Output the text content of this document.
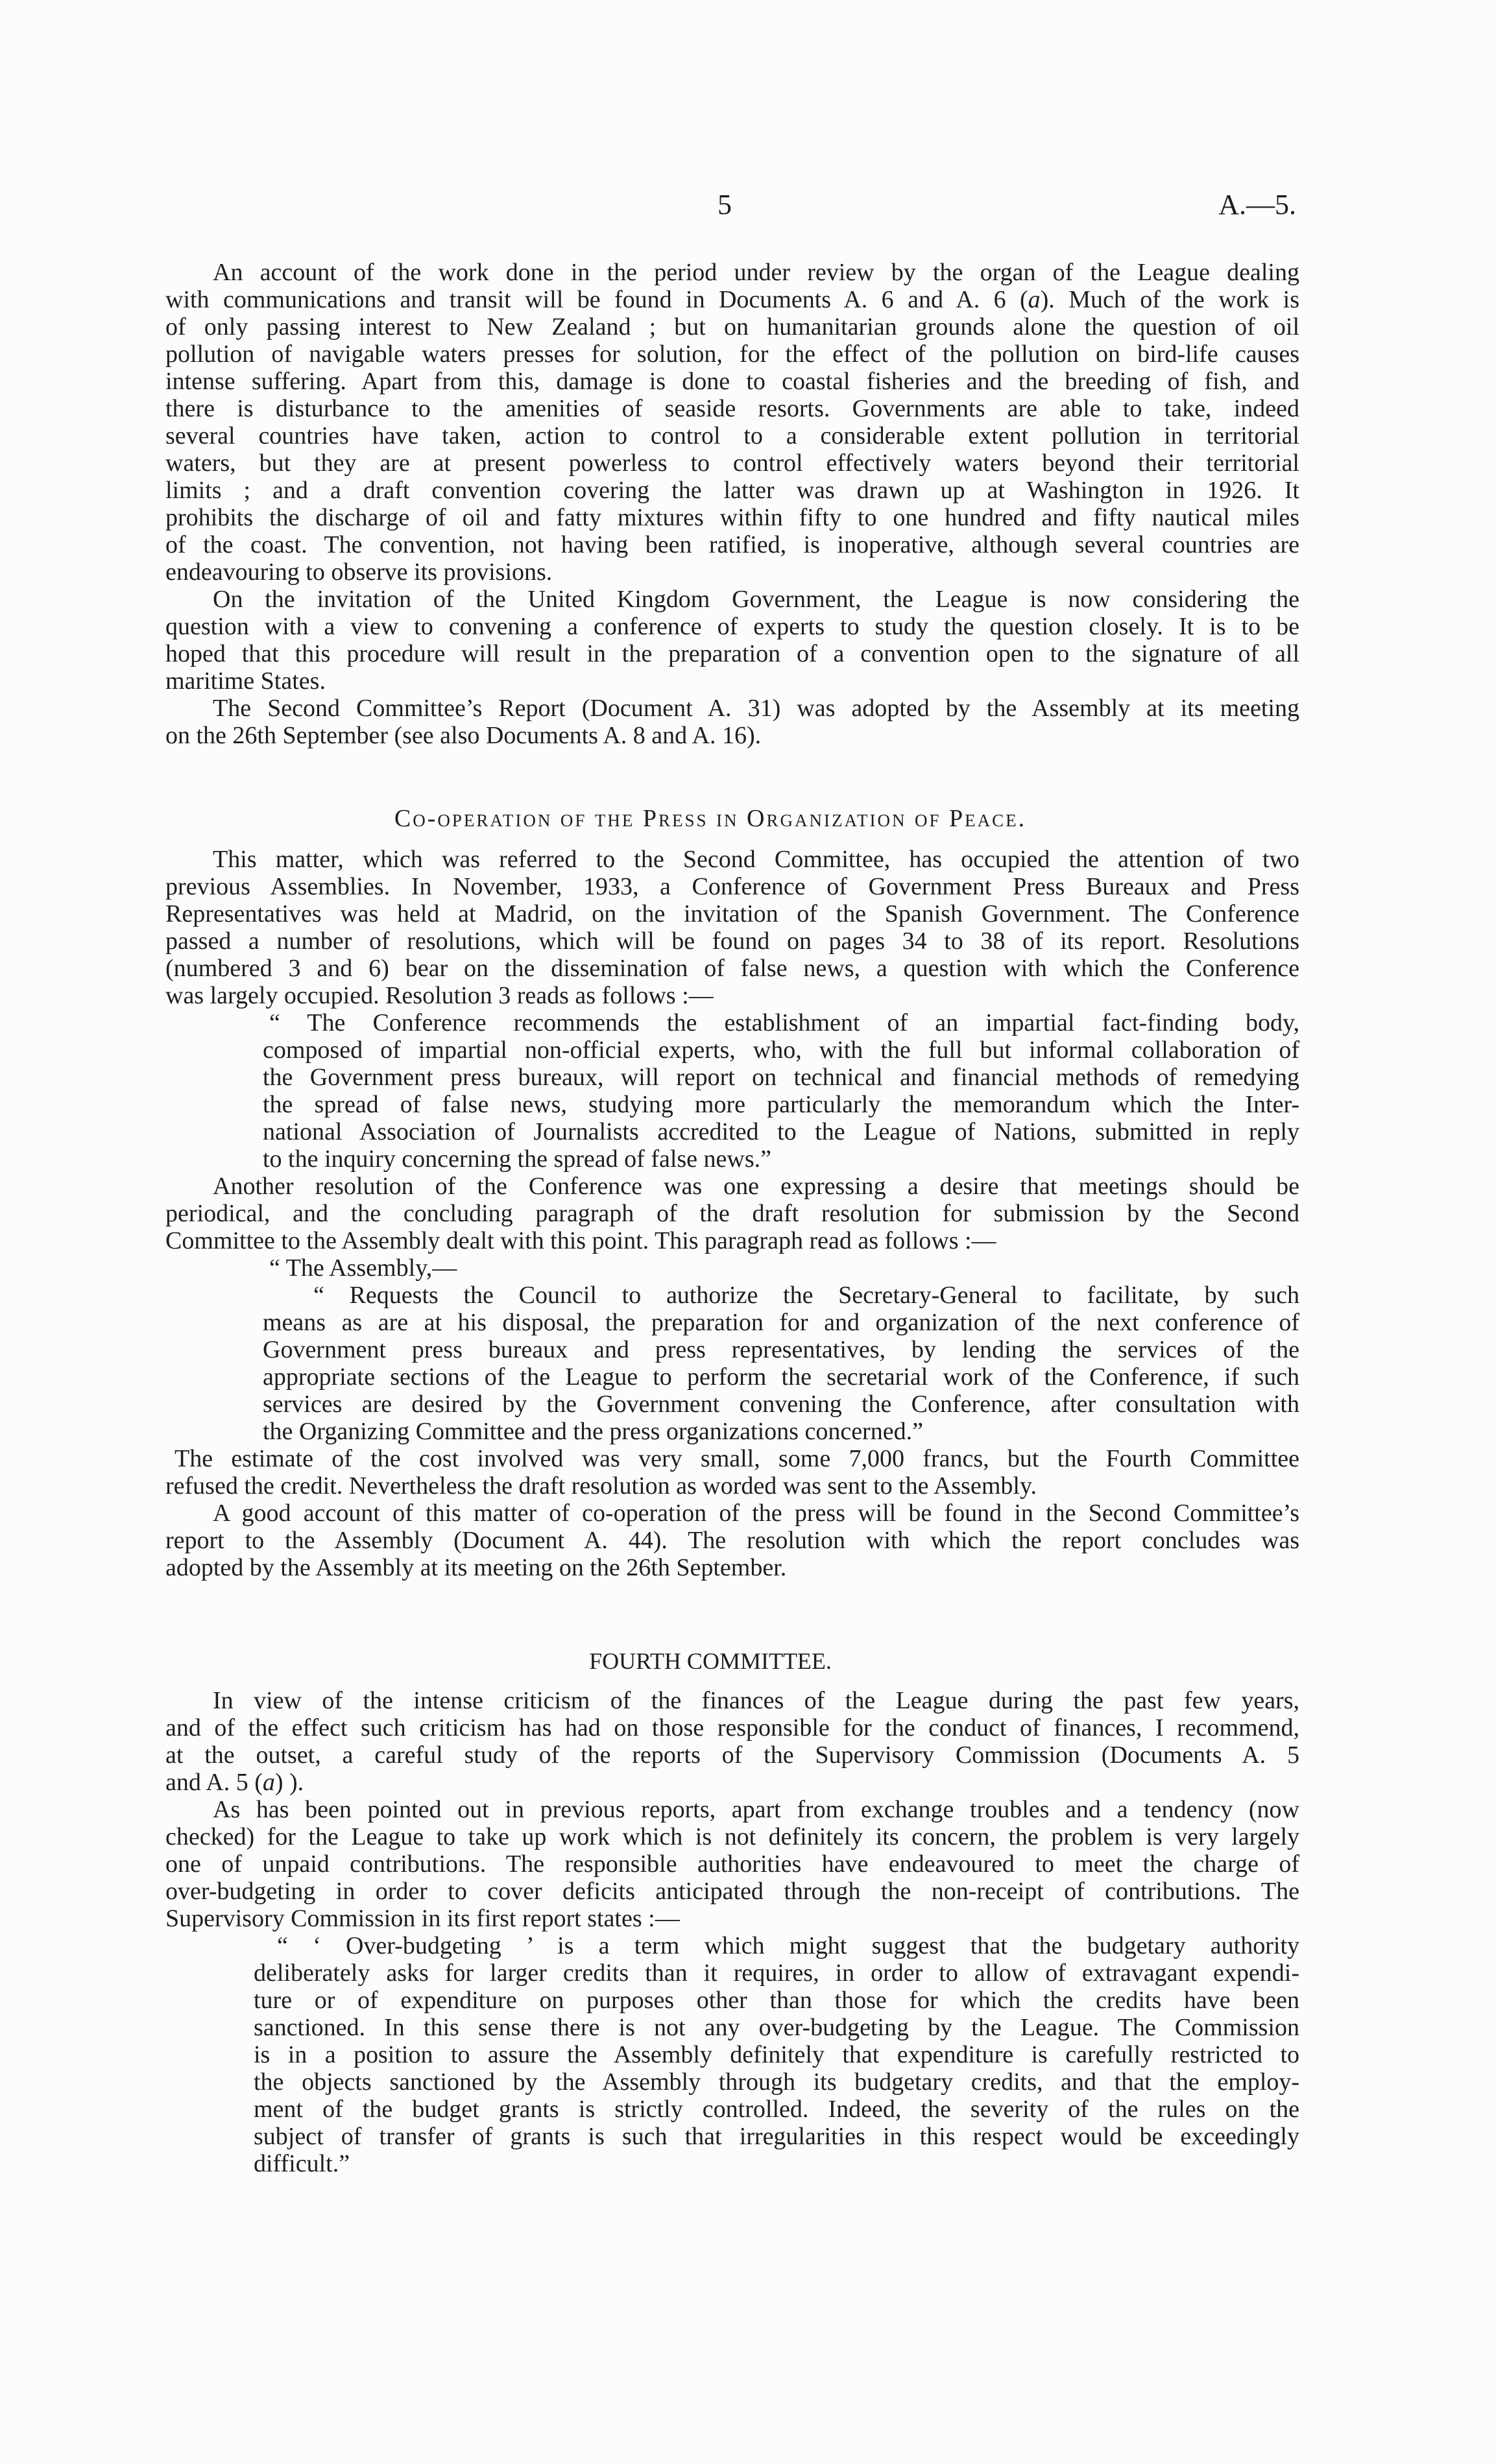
5	A.—5.
An account of the work done in the period under review by the organ of the League dealing
with communications and transit will be found in Documents A. 6 and A. 6 (a). Much of the work is
of only passing interest to New Zealand ; but on humanitarian grounds alone the question of oil
pollution of navigable waters presses for solution, for the effect of the pollution on bird-life causes
intense suffering. Apart from this, damage is done to coastal fisheries and the breeding of fish, and
there is disturbance to the amenities of seaside resorts. Governments are able to take, indeed
several countries have taken, action to control to a considerable extent pollution in territorial
waters, but they are at present powerless to control effectively waters beyond their territorial
limits ; and a draft convention covering the latter was drawn up at Washington in 1926. It
prohibits the discharge of oil and fatty mixtures within fifty to one hundred and fifty nautical miles
of the coast. The convention, not having been ratified, is inoperative, although several countries are
endeavouring to observe its provisions.
On the invitation of the United Kingdom Government, the League is now considering the
question with a view to convening a conference of experts to study the question closely. It is to be
hoped that this procedure will result in the preparation of a convention open to the signature of all
maritime States.
The Second Committee’s Report (Document A. 31) was adopted by the Assembly at its meeting
on the 26th September (see also Documents A. 8 and A. 16).
Co-operation of the Press in Organization of Peace.
This matter, which was referred to the Second Committee, has occupied the attention of two
previous Assemblies. In November, 1933, a Conference of Government Press Bureaux and Press
Representatives was held at Madrid, on the invitation of the Spanish Government. The Conference
passed a number of resolutions, which will be found on pages 34 to 38 of its report. Resolutions
(numbered 3 and 6) bear on the dissemination of false news, a question with which the Conference
was largely occupied. Resolution 3 reads as follows :—
“ The Conference recommends the establishment of an impartial fact-finding body,
composed of impartial non-official experts, who, with the full but informal collaboration of
the Government press bureaux, will report on technical and financial methods of remedying
the spread of false news, studying more particularly the memorandum which the Inter-
national Association of Journalists accredited to the League of Nations, submitted in reply
to the inquiry concerning the spread of false news.”
Another resolution of the Conference was one expressing a desire that meetings should be
periodical, and the concluding paragraph of the draft resolution for submission by the Second
Committee to the Assembly dealt with this point. This paragraph read as follows :—
“ The Assembly,—
“ Requests the Council to authorize the Secretary-General to facilitate, by such
means as are at his disposal, the preparation for and organization of the next conference of
Government press bureaux and press representatives, by lending the services of the
appropriate sections of the League to perform the secretarial work of the Conference, if such
services are desired by the Government convening the Conference, after consultation with
the Organizing Committee and the press organizations concerned.”
The estimate of the cost involved was very small, some 7,000 francs, but the Fourth Committee
refused the credit. Nevertheless the draft resolution as worded was sent to the Assembly.
A good account of this matter of co-operation of the press will be found in the Second Committee’s
report to the Assembly (Document A. 44). The resolution with which the report concludes was
adopted by the Assembly at its meeting on the 26th September.
FOURTH COMMITTEE.
In view of the intense criticism of the finances of the League during the past few years,
and of the effect such criticism has had on those responsible for the conduct of finances, I recommend,
at the outset, a careful study of the reports of the Supervisory Commission (Documents A. 5
and A. 5 (a) ).
As has been pointed out in previous reports, apart from exchange troubles and a tendency (now
checked) for the League to take up work which is not definitely its concern, the problem is very largely
one of unpaid contributions. The responsible authorities have endeavoured to meet the charge of
over-budgeting in order to cover deficits anticipated through the non-receipt of contributions. The
Supervisory Commission in its first report states :—
“ ‘ Over-budgeting ’ is a term which might suggest that the budgetary authority
deliberately asks for larger credits than it requires, in order to allow of extravagant expendi-
ture or of expenditure on purposes other than those for which the credits have been
sanctioned. In this sense there is not any over-budgeting by the League. The Commission
is in a position to assure the Assembly definitely that expenditure is carefully restricted to
the objects sanctioned by the Assembly through its budgetary credits, and that the employ-
ment of the budget grants is strictly controlled. Indeed, the severity of the rules on the
subject of transfer of grants is such that irregularities in this respect would be exceedingly
difficult.”
